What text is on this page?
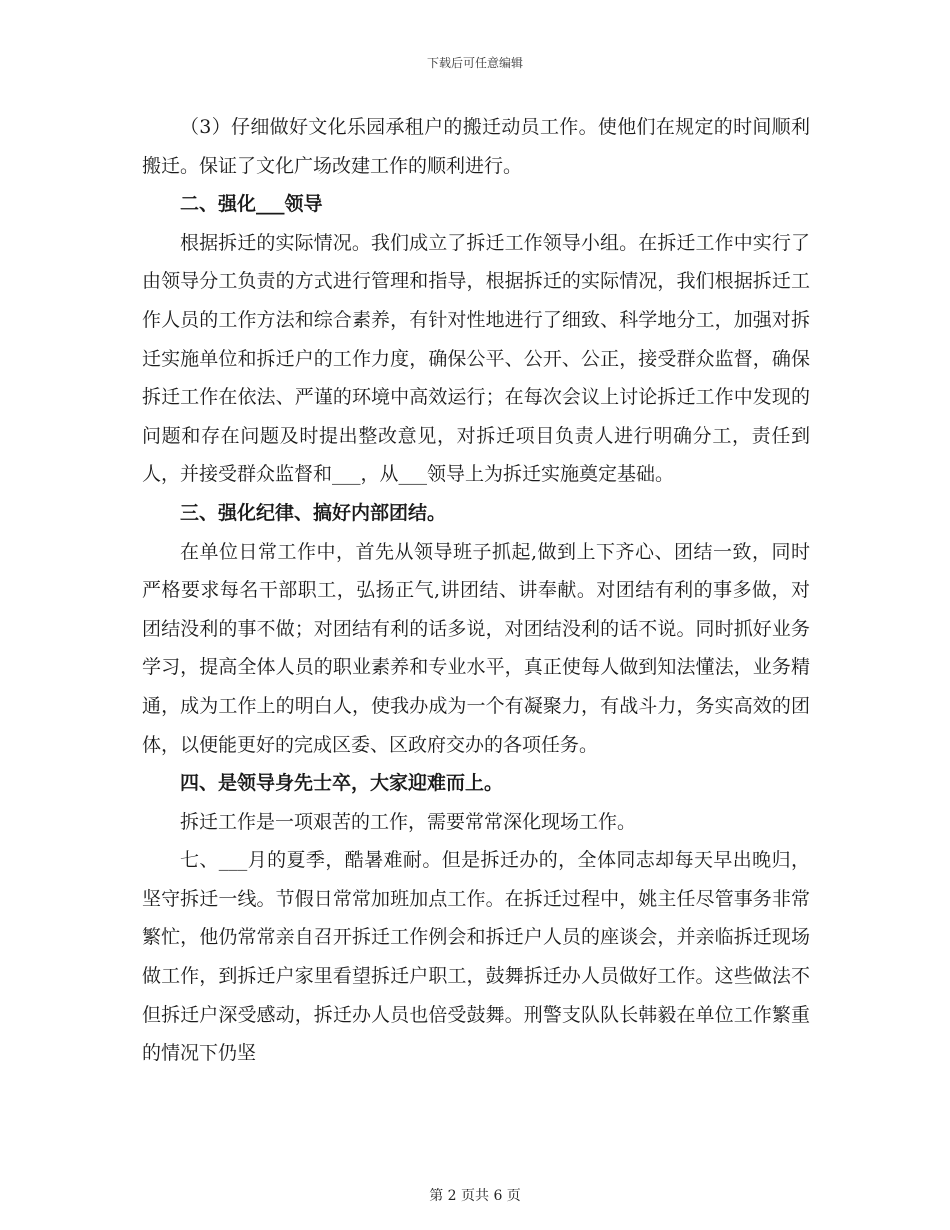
下载后可任意编辑

（3）仔细做好文化乐园承租户的搬迁动员工作。使他们在规定的时间顺利搬迁。保证了文化广场改建工作的顺利进行。

二、强化___领导

根据拆迁的实际情况。我们成立了拆迁工作领导小组。在拆迁工作中实行了由领导分工负责的方式进行管理和指导，根据拆迁的实际情况，我们根据拆迁工作人员的工作方法和综合素养，有针对性地进行了细致、科学地分工，加强对拆迁实施单位和拆迁户的工作力度，确保公平、公开、公正，接受群众监督，确保拆迁工作在依法、严谨的环境中高效运行；在每次会议上讨论拆迁工作中发现的问题和存在问题及时提出整改意见，对拆迁项目负责人进行明确分工，责任到人，并接受群众监督和___，从___领导上为拆迁实施奠定基础。

三、强化纪律、搞好内部团结。

在单位日常工作中，首先从领导班子抓起,做到上下齐心、团结一致，同时严格要求每名干部职工，弘扬正气,讲团结、讲奉献。对团结有利的事多做，对团结没利的事不做；对团结有利的话多说，对团结没利的话不说。同时抓好业务学习，提高全体人员的职业素养和专业水平，真正使每人做到知法懂法，业务精通，成为工作上的明白人，使我办成为一个有凝聚力，有战斗力，务实高效的团体，以便能更好的完成区委、区政府交办的各项任务。

四、是领导身先士卒，大家迎难而上。

拆迁工作是一项艰苦的工作，需要常常深化现场工作。

七、___月的夏季，酷暑难耐。但是拆迁办的，全体同志却每天早出晚归，坚守拆迁一线。节假日常常加班加点工作。在拆迁过程中，姚主任尽管事务非常繁忙，他仍常常亲自召开拆迁工作例会和拆迁户人员的座谈会，并亲临拆迁现场做工作，到拆迁户家里看望拆迁户职工，鼓舞拆迁办人员做好工作。这些做法不但拆迁户深受感动，拆迁办人员也倍受鼓舞。刑警支队队长韩毅在单位工作繁重的情况下仍坚

第 2 页共 6 页
